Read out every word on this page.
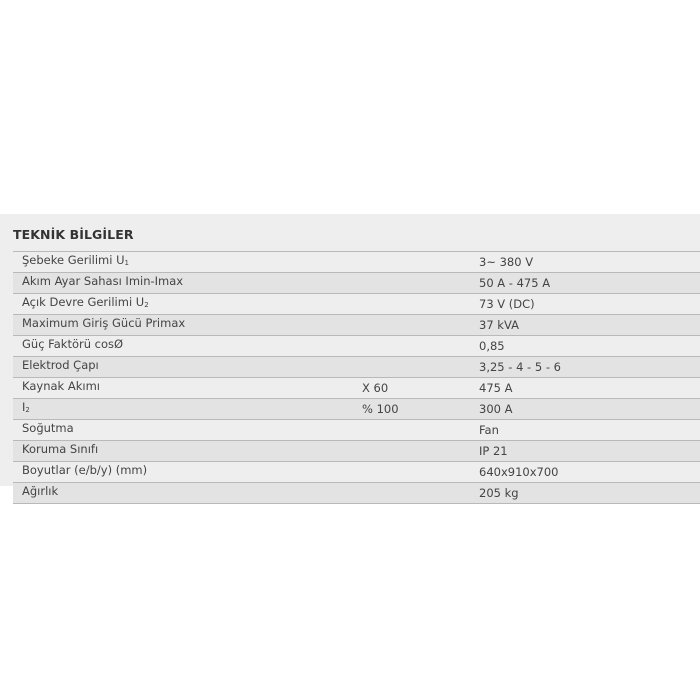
TEKNİK BİLGİLER
Şebeke Gerilimi U1		3~ 380 V
Akım Ayar Sahası Imin-Imax		50 A - 475 A
Açık Devre Gerilimi U2		73 V (DC)
Maximum Giriş Gücü Primax		37 kVA
Güç Faktörü cosØ		0,85
Elektrod Çapı		3,25 - 4 - 5 - 6
Kaynak Akımı	X 60	475 A
I2	% 100	300 A
Soğutma		Fan
Koruma Sınıfı		IP 21
Boyutlar (e/b/y) (mm)		640x910x700
Ağırlık		205 kg
